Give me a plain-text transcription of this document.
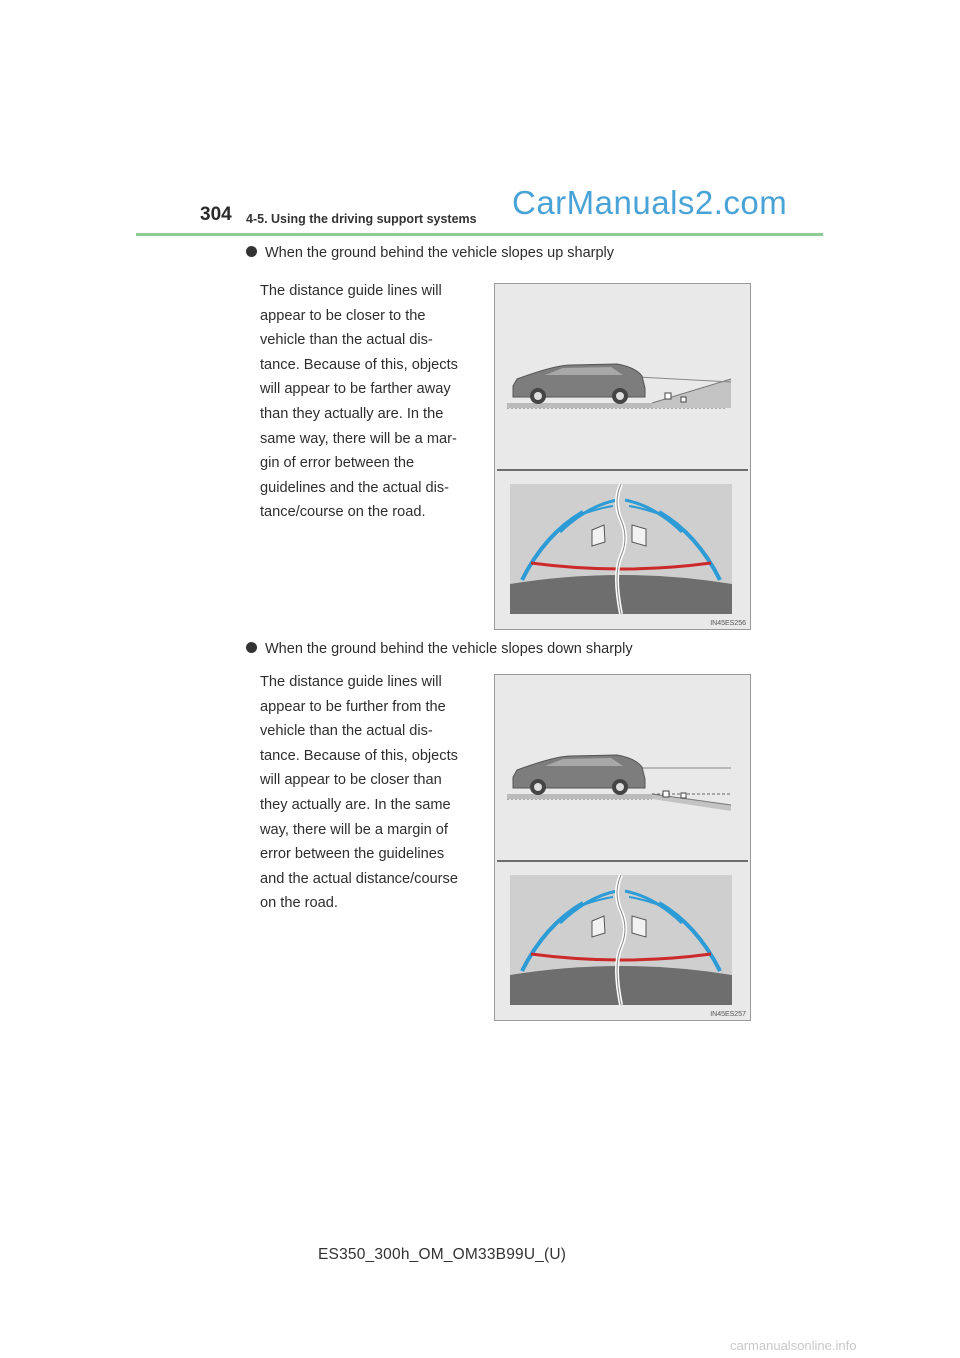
304 4-5. Using the driving support systems CarManuals2.com
When the ground behind the vehicle slopes up sharply
The distance guide lines will
appear to be closer to the
vehicle than the actual dis-
tance. Because of this, objects
will appear to be farther away
than they actually are. In the
same way, there will be a mar-
gin of error between the
guidelines and the actual dis-
tance/course on the road.
IN45ES256
When the ground behind the vehicle slopes down sharply
The distance guide lines will
appear to be further from the
vehicle than the actual dis-
tance. Because of this, objects
will appear to be closer than
they actually are. In the same
way, there will be a margin of
error between the guidelines
and the actual distance/course
on the road.
IN45ES257
ES350_300h_OM_OM33B99U_(U)
carmanualsonline.info
